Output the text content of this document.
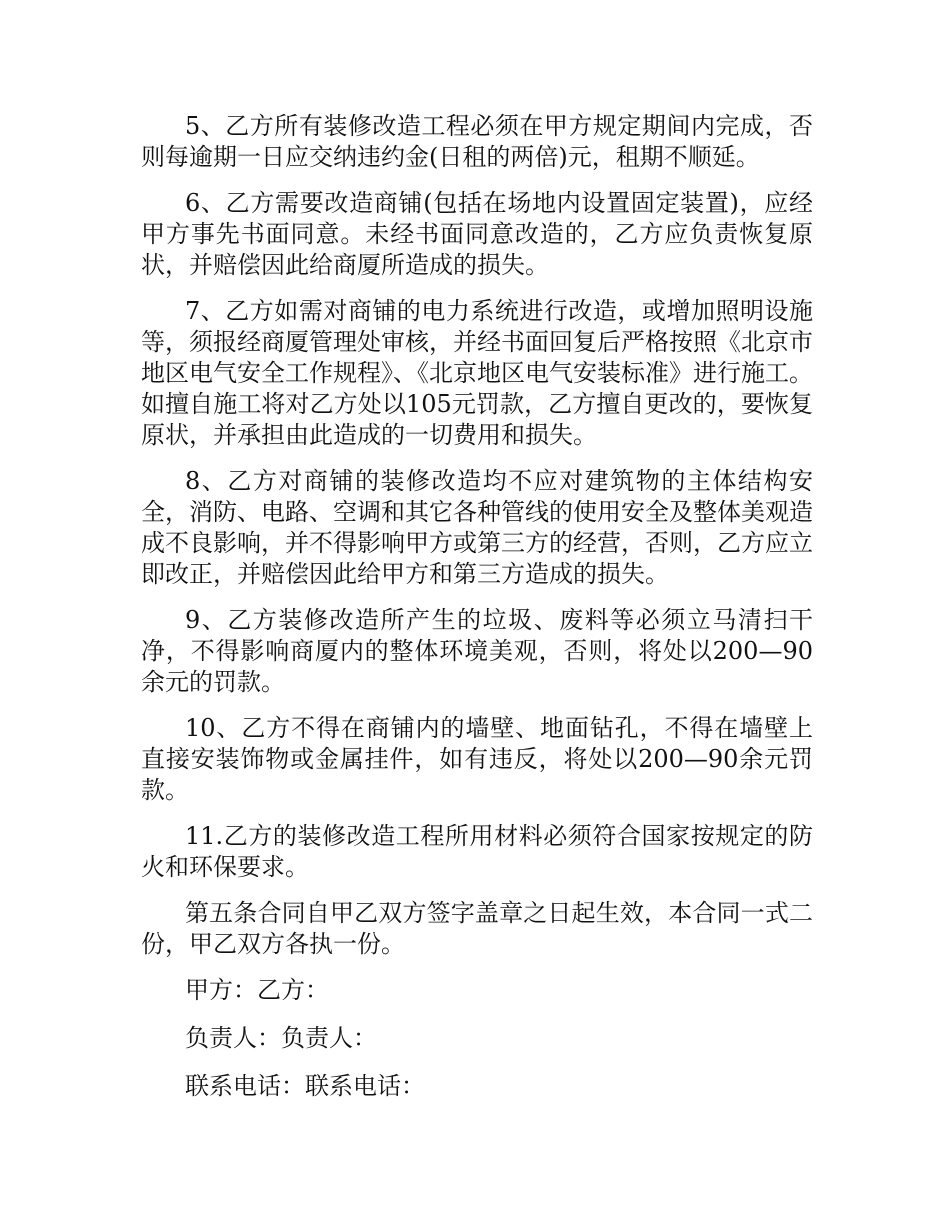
5、乙方所有装修改造工程必须在甲方规定期间内完成，否则每逾期一日应交纳违约金(日租的两倍)元，租期不顺延。

6、乙方需要改造商铺(包括在场地内设置固定装置)，应经甲方事先书面同意。未经书面同意改造的，乙方应负责恢复原状，并赔偿因此给商厦所造成的损失。

7、乙方如需对商铺的电力系统进行改造，或增加照明设施等，须报经商厦管理处审核，并经书面回复后严格按照《北京市地区电气安全工作规程》、《北京地区电气安装标准》进行施工。如擅自施工将对乙方处以105元罚款，乙方擅自更改的，要恢复原状，并承担由此造成的一切费用和损失。

8、乙方对商铺的装修改造均不应对建筑物的主体结构安全，消防、电路、空调和其它各种管线的使用安全及整体美观造成不良影响，并不得影响甲方或第三方的经营，否则，乙方应立即改正，并赔偿因此给甲方和第三方造成的损失。

9、乙方装修改造所产生的垃圾、废料等必须立马清扫干净，不得影响商厦内的整体环境美观，否则，将处以200—90余元的罚款。

10、乙方不得在商铺内的墙壁、地面钻孔，不得在墙壁上直接安装饰物或金属挂件，如有违反，将处以200—90余元罚款。

11.乙方的装修改造工程所用材料必须符合国家按规定的防火和环保要求。

第五条合同自甲乙双方签字盖章之日起生效，本合同一式二份，甲乙双方各执一份。

甲方：乙方：

负责人：负责人：

联系电话：联系电话：
